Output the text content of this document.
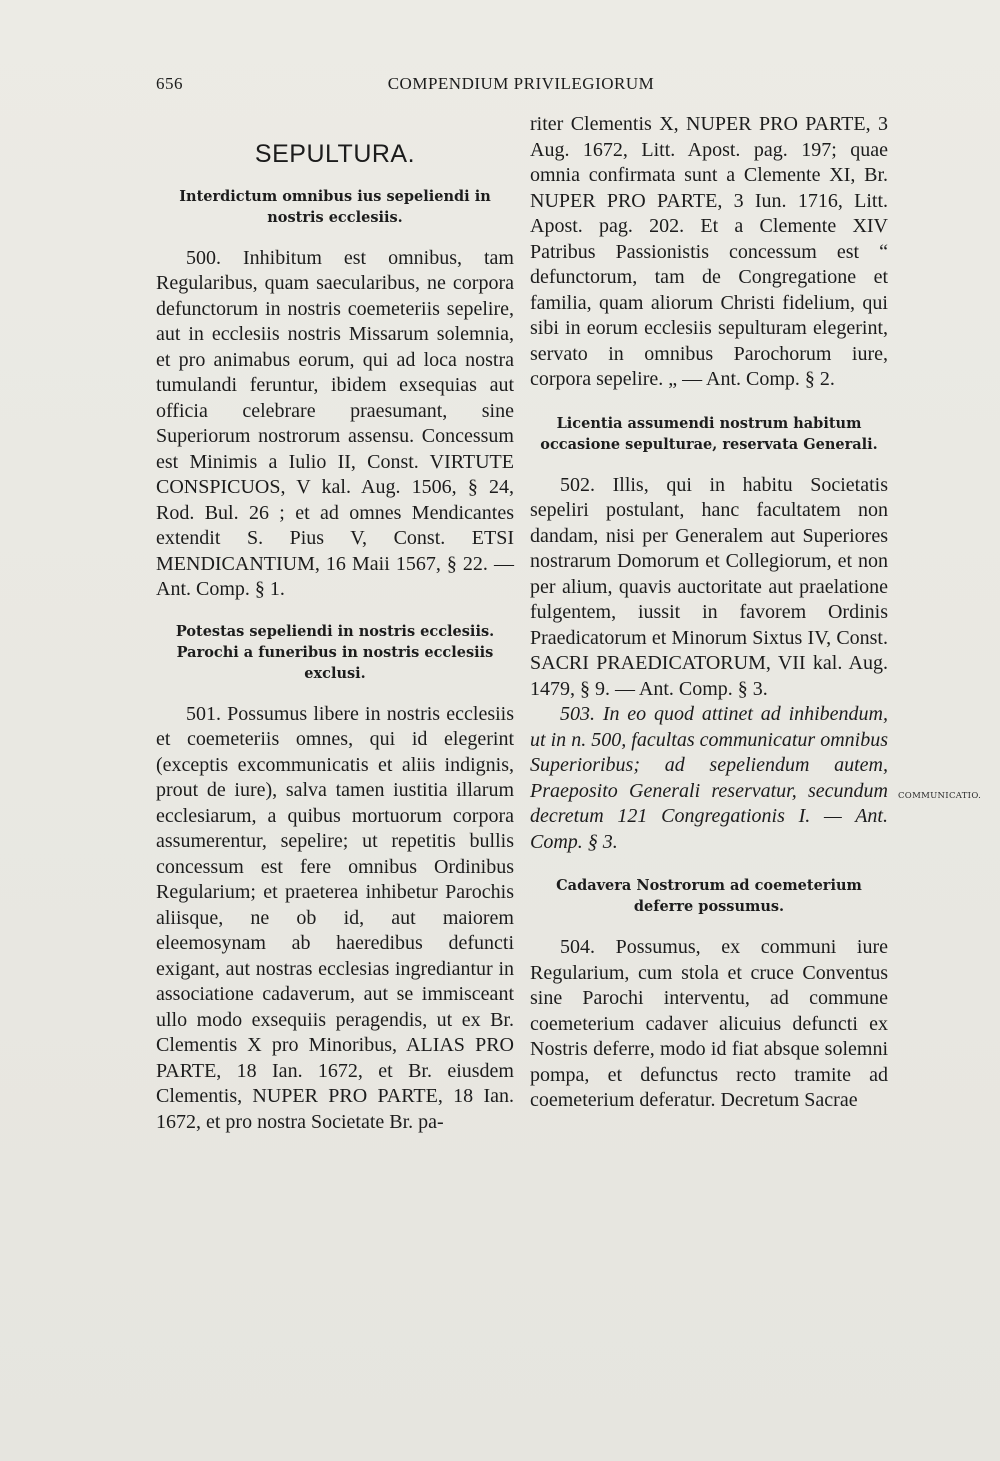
656	COMPENDIUM PRIVILEGIORUM
SEPULTURA.
Interdictum omnibus ius sepeliendi in nostris ecclesiis.

500. Inhibitum est omnibus, tam Regularibus, quam saecularibus, ne corpora defunctorum in nostris coemeteriis sepelire, aut in ecclesiis nostris Missarum solemnia, et pro animabus eorum, qui ad loca nostra tumulandi feruntur, ibidem exsequias aut officia celebrare praesumant, sine Superiorum nostrorum assensu. Concessum est Minimis a Iulio II, Const. VIRTUTE CONSPICUOS, V kal. Aug. 1506, § 24, Rod. Bul. 26 ; et ad omnes Mendicantes extendit S. Pius V, Const. ETSI MENDICANTIUM, 16 Maii 1567, § 22. — Ant. Comp. § 1.

Potestas sepeliendi in nostris ecclesiis. Parochi a funeribus in nostris ecclesiis exclusi.

501. Possumus libere in nostris ecclesiis et coemeteriis omnes, qui id elegerint (exceptis excommunicatis et aliis indignis, prout de iure), salva tamen iustitia illarum ecclesiarum, a quibus mortuorum corpora assumerentur, sepelire; ut repetitis bullis concessum est fere omnibus Ordinibus Regularium; et praeterea inhibetur Parochis aliisque, ne ob id, aut maiorem eleemosynam ab haeredibus defuncti exigant, aut nostras ecclesias ingrediantur in associatione cadaverum, aut se immisceant ullo modo exsequiis peragendis, ut ex Br. Clementis X pro Minoribus, ALIAS PRO PARTE, 18 Ian. 1672, et Br. eiusdem Clementis, NUPER PRO PARTE, 18 Ian. 1672, et pro nostra Societate Br. pa-

riter Clementis X, NUPER PRO PARTE, 3 Aug. 1672, Litt. Apost. pag. 197; quae omnia confirmata sunt a Clemente XI, Br. NUPER PRO PARTE, 3 Iun. 1716, Litt. Apost. pag. 202. Et a Clemente XIV Patribus Passionistis concessum est “ defunctorum, tam de Congregatione et familia, quam aliorum Christi fidelium, qui sibi in eorum ecclesiis sepulturam elegerint, servato in omnibus Parochorum iure, corpora sepelire. „ — Ant. Comp. § 2.

Licentia assumendi nostrum habitum occasione sepulturae, reservata Generali.

502. Illis, qui in habitu Societatis sepeliri postulant, hanc facultatem non dandam, nisi per Generalem aut Superiores nostrarum Domorum et Collegiorum, et non per alium, quavis auctoritate aut praelatione fulgentem, iussit in favorem Ordinis Praedicatorum et Minorum Sixtus IV, Const. SACRI PRAEDICATORUM, VII kal. Aug. 1479, § 9. — Ant. Comp. § 3.

503. In eo quod attinet ad inhibendum, ut in n. 500, facultas communicatur omnibus Superioribus; ad sepeliendum autem, Praeposito Generali reservatur, secundum decretum 121 Congregationis I. — Ant. Comp. § 3.

Cadavera Nostrorum ad coemeterium deferre possumus.

504. Possumus, ex communi iure Regularium, cum stola et cruce Conventus sine Parochi interventu, ad commune coemeterium cadaver alicuius defuncti ex Nostris deferre, modo id fiat absque solemni pompa, et defunctus recto tramite ad coemeterium deferatur. Decretum Sacrae

COMMUNICATIO.
